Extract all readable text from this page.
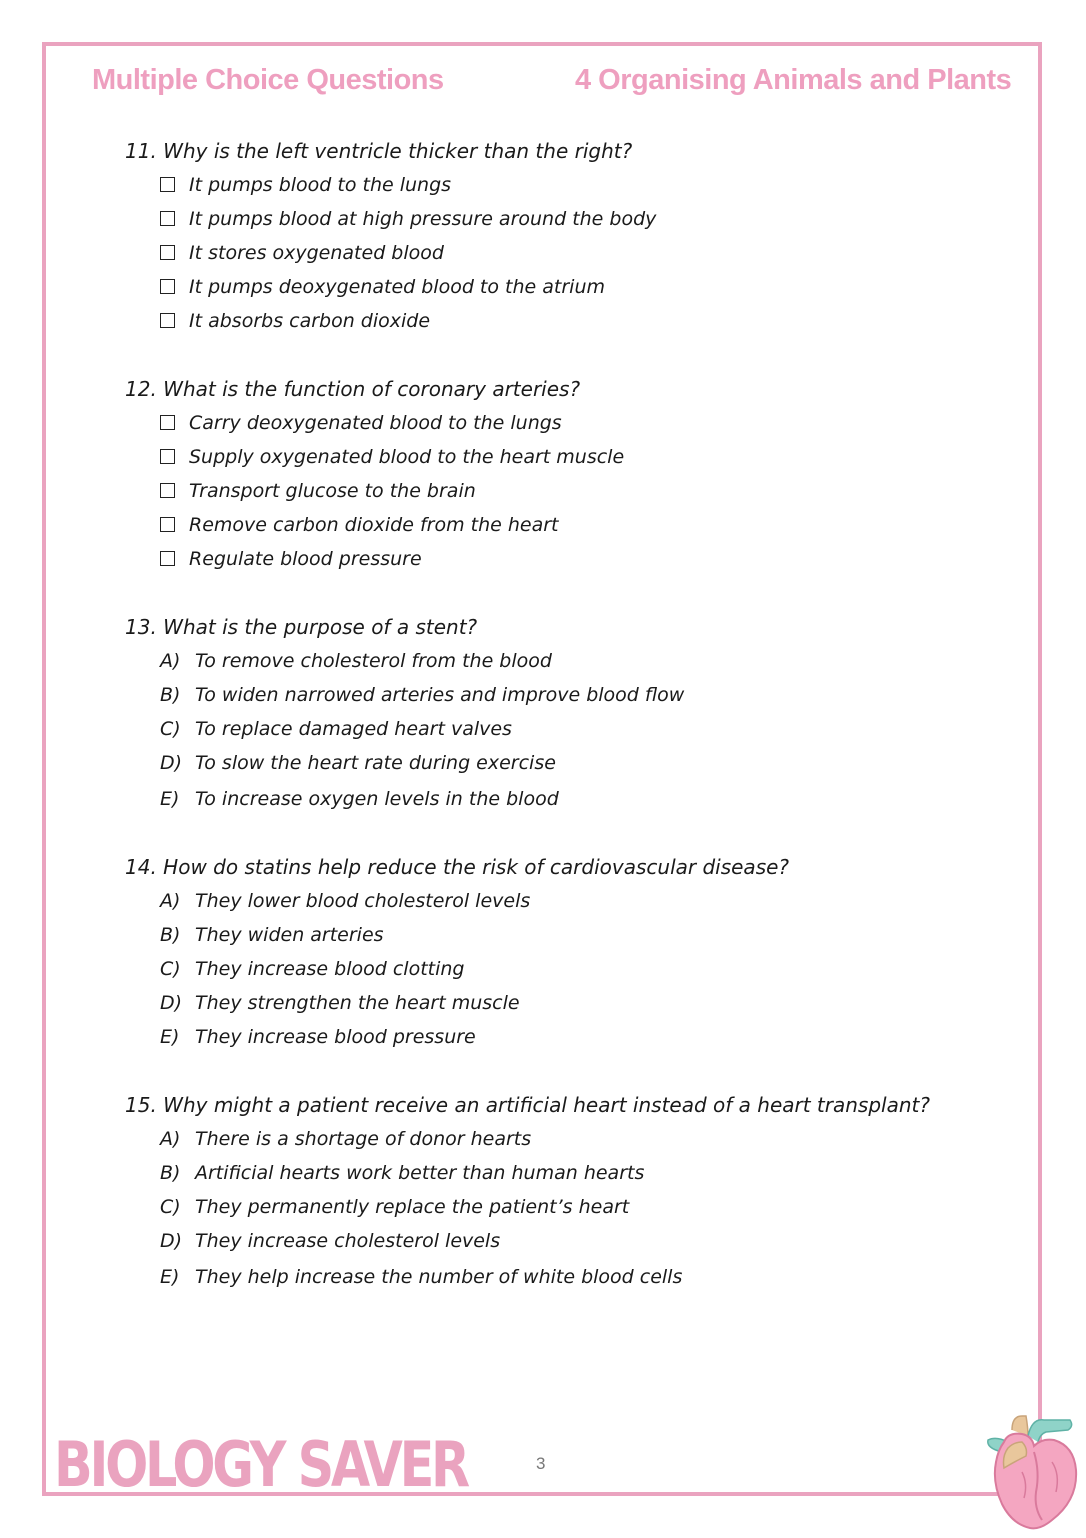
Multiple Choice Questions	4 Organising Animals and Plants
11. Why is the left ventricle thicker than the right?
It pumps blood to the lungs
It pumps blood at high pressure around the body
It stores oxygenated blood
It pumps deoxygenated blood to the atrium
It absorbs carbon dioxide
12. What is the function of coronary arteries?
Carry deoxygenated blood to the lungs
Supply oxygenated blood to the heart muscle
Transport glucose to the brain
Remove carbon dioxide from the heart
Regulate blood pressure
13. What is the purpose of a stent?
A) To remove cholesterol from the blood
B) To widen narrowed arteries and improve blood flow
C) To replace damaged heart valves
D) To slow the heart rate during exercise
E) To increase oxygen levels in the blood
14. How do statins help reduce the risk of cardiovascular disease?
A) They lower blood cholesterol levels
B) They widen arteries
C) They increase blood clotting
D) They strengthen the heart muscle
E) They increase blood pressure
15. Why might a patient receive an artificial heart instead of a heart transplant?
A) There is a shortage of donor hearts
B) Artificial hearts work better than human hearts
C) They permanently replace the patient’s heart
D) They increase cholesterol levels
E) They help increase the number of white blood cells
BIOLOGY SAVER	3
